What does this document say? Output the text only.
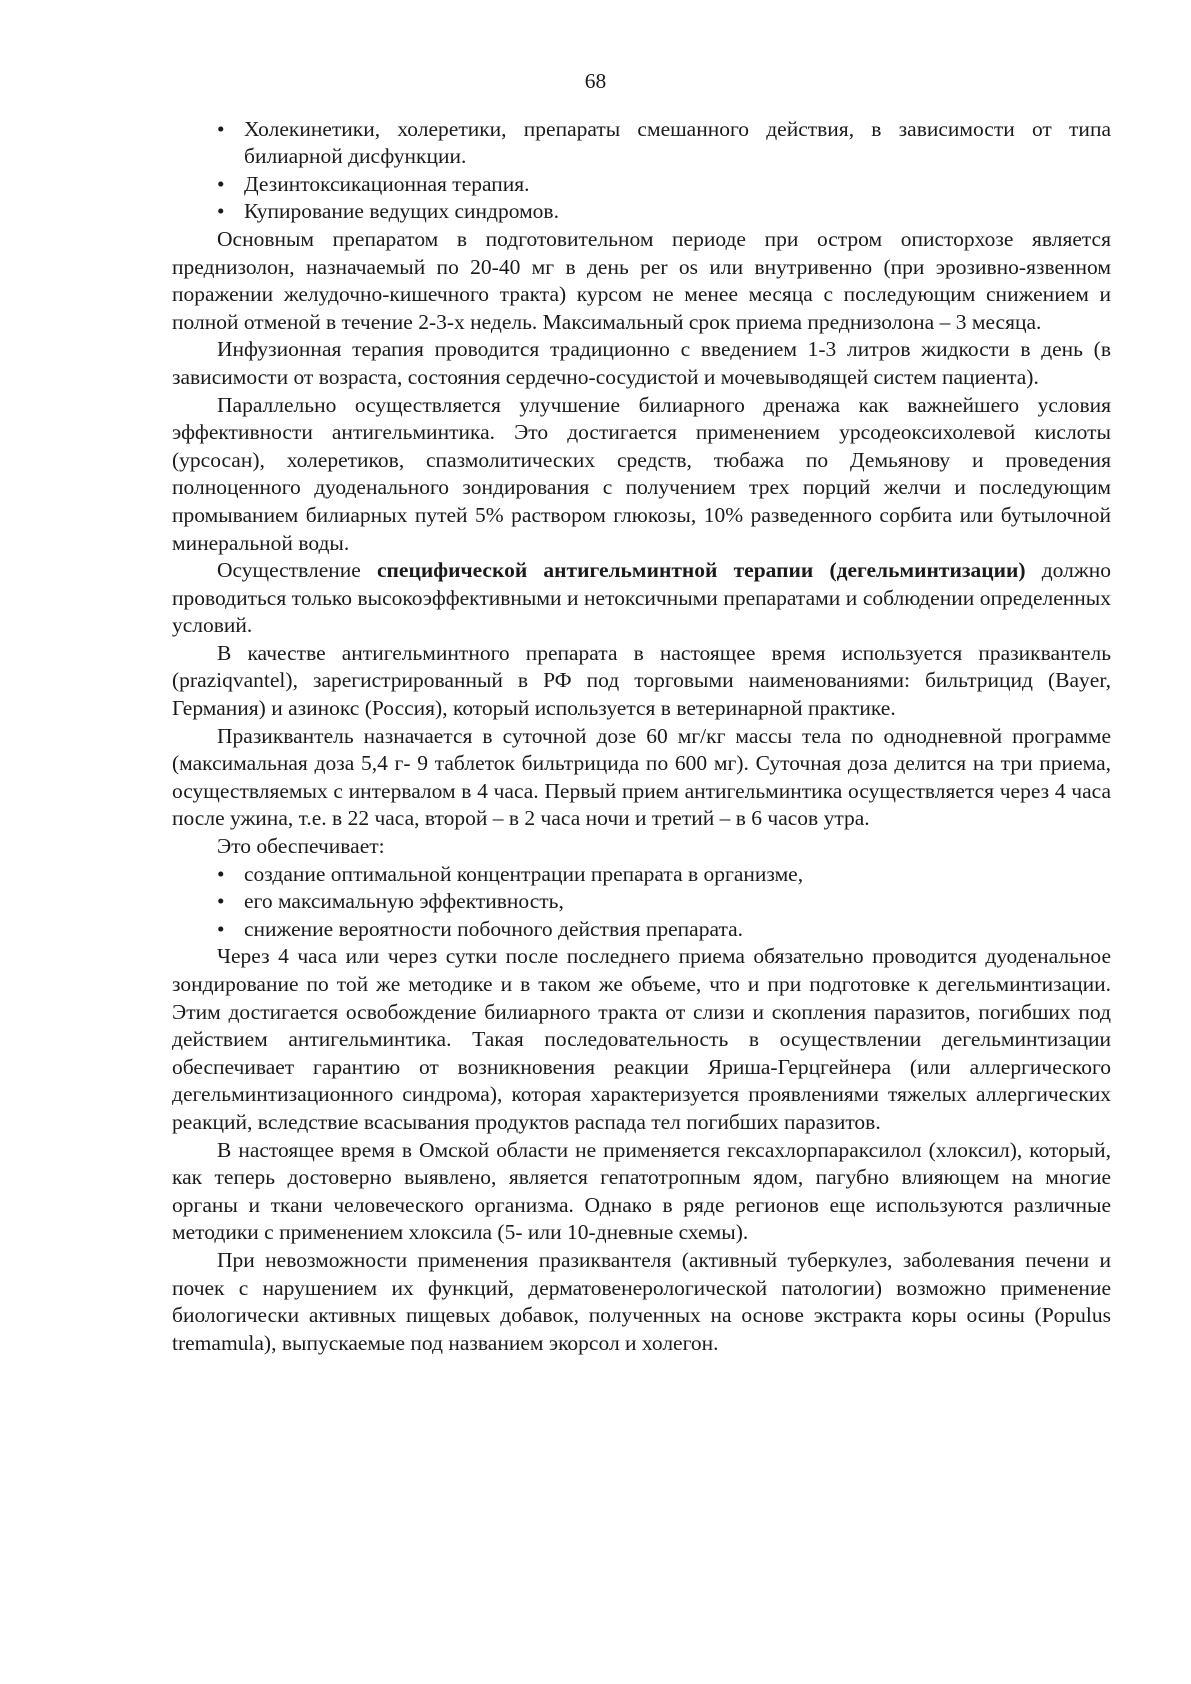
68
• Холекинетики, холеретики, препараты смешанного действия, в зависимости от типа билиарной дисфункции.
• Дезинтоксикационная терапия.
• Купирование ведущих синдромов.

Основным препаратом в подготовительном периоде при остром описторхозе является преднизолон, назначаемый по 20-40 мг в день per os или внутривенно (при эрозивно-язвенном поражении желудочно-кишечного тракта) курсом не менее месяца с последующим снижением и полной отменой в течение 2-3-х недель. Максимальный срок приема преднизолона – 3 месяца.

Инфузионная терапия проводится традиционно с введением 1-3 литров жидкости в день (в зависимости от возраста, состояния сердечно-сосудистой и мочевыводящей систем пациента).

Параллельно осуществляется улучшение билиарного дренажа как важнейшего условия эффективности антигельминтика. Это достигается применением урсодеоксихолевой кислоты (урсосан), холеретиков, спазмолитических средств, тюбажа по Демьянову и проведения полноценного дуоденального зондирования с получением трех порций желчи и последующим промыванием билиарных путей 5% раствором глюкозы, 10% разведенного сорбита или бутылочной минеральной воды.

Осуществление специфической антигельминтной терапии (дегельминтизации) должно проводиться только высокоэффективными и нетоксичными препаратами и соблюдении определенных условий.

В качестве антигельминтного препарата в настоящее время используется празиквантель (praziqvantel), зарегистрированный в РФ под торговыми наименованиями: бильтрицид (Bayer, Германия) и азинокс (Россия), который используется в ветеринарной практике.

Празиквантель назначается в суточной дозе 60 мг/кг массы тела по однодневной программе (максимальная доза 5,4 г- 9 таблеток бильтрицида по 600 мг). Суточная доза делится на три приема, осуществляемых с интервалом в 4 часа. Первый прием антигельминтика осуществляется через 4 часа после ужина, т.е. в 22 часа, второй – в 2 часа ночи и третий – в 6 часов утра.

Это обеспечивает:

• создание оптимальной концентрации препарата в организме,
• его максимальную эффективность,
• снижение вероятности побочного действия препарата.

Через 4 часа или через сутки после последнего приема обязательно проводится дуоденальное зондирование по той же методике и в таком же объеме, что и при подготовке к дегельминтизации. Этим достигается освобождение билиарного тракта от слизи и скопления паразитов, погибших под действием антигельминтика. Такая последовательность в осуществлении дегельминтизации обеспечивает гарантию от возникновения реакции Яриша-Герцгейнера (или аллергического дегельминтизационного синдрома), которая характеризуется проявлениями тяжелых аллергических реакций, вследствие всасывания продуктов распада тел погибших паразитов.

В настоящее время в Омской области не применяется гексахлорпараксилол (хлоксил), который, как теперь достоверно выявлено, является гепатотропным ядом, пагубно влияющем на многие органы и ткани человеческого организма. Однако в ряде регионов еще используются различные методики с применением хлоксила (5- или 10-дневные схемы).

При невозможности применения празиквантеля (активный туберкулез, заболевания печени и почек с нарушением их функций, дерматовенерологической патологии) возможно применение биологически активных пищевых добавок, полученных на основе экстракта коры осины (Populus tremamula), выпускаемые под названием экорсол и холегон.
